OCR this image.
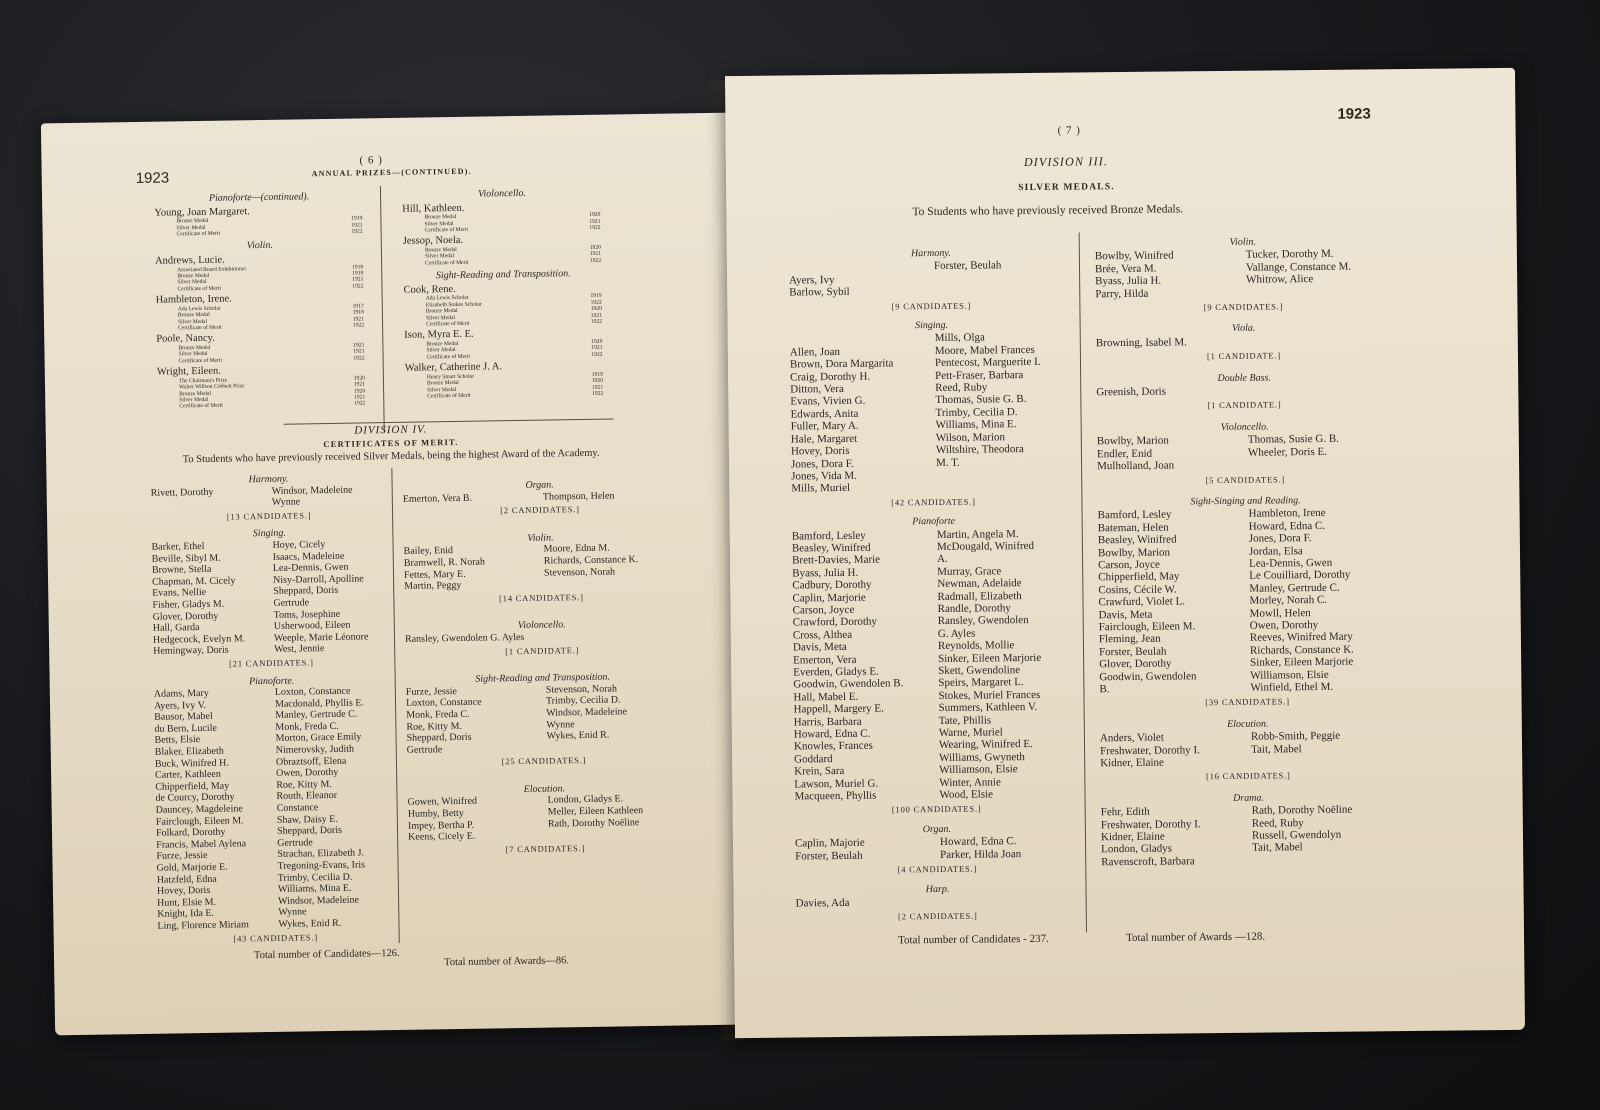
1923
( 6 )
ANNUAL PRIZES—(CONTINUED).
Pianoforte—(continued).
Young, Joan Margaret.
Bronze Medal	1919
Silver Medal	1921
Certificate of Merit	1922
Violin.
Andrews, Lucie.
Associated Board Exhibitioner	1918
Bronze Medal	1919
Silver Medal	1921
Certificate of Merit	1922
Hambleton, Irene.
Ada Lewis Scholar	1917
Bronze Medal	1918
Silver Medal	1921
Certificate of Merit	1922
Poole, Nancy.
Bronze Medal	1921
Silver Medal	1921
Certificate of Merit	1922
Wright, Eileen.
The Chairman's Prize	1920
Walter Willson Cobbett Prize	1921
Bronze Medal	1920
Silver Medal	1921
Certificate of Merit	1922
Violoncello.
Hill, Kathleen.
Bronze Medal	1920
Silver Medal	1921
Certificate of Merit	1922
Jessop, Noela.
Bronze Medal	1920
Silver Medal	1921
Certificate of Merit	1922
Sight-Reading and Transposition.
Cook, Rene.
Ada Lewis Scholar	1919
Elizabeth Stokes Scholar	1922
Bronze Medal	1920
Silver Medal	1921
Certificate of Merit	1922
Ison, Myra E. E.
Bronze Medal	1920
Silver Medal	1921
Certificate of Merit	1922
Walker, Catherine J. A.
Henry Smart Scholar	1919
Bronze Medal	1920
Silver Medal	1921
Certificate of Merit	1922
DIVISION IV.
CERTIFICATES OF MERIT.
To Students who have previously received Silver Medals, being the highest Award of the Academy.
Harmony.
Rivett, Dorothy	Windsor, Madeleine
Wynne
[13 CANDIDATES.]
Singing.
Barker, Ethel	Hoye, Cicely
Beville, Sibyl M.	Isaacs, Madeleine
Browne, Stella	Lea-Dennis, Gwen
Chapman, M. Cicely	Nisy-Darroll, Apolline
Evans, Nellie	Sheppard, Doris
Fisher, Gladys M.	Gertrude
Glover, Dorothy	Toms, Josephine
Hall, Garda	Usherwood, Eileen
Hedgecock, Evelyn M.	Weeple, Marie Léonore
Hemingway, Doris	West, Jennie
[21 CANDIDATES.]
Pianoforte.
Adams, Mary	Loxton, Constance
Ayers, Ivy V.	Macdonald, Phyllis E.
Bausor, Mabel	Manley, Gertrude C.
du Bern, Lucile	Monk, Freda C.
Betts, Elsie	Morton, Grace Emily
Blaker, Elizabeth	Nimerovsky, Judith
Buck, Winifred H.	Obraztsoff, Elena
Carter, Kathleen	Owen, Dorothy
Chipperfield, May	Roe, Kitty M.
de Courcy, Dorothy	Routh, Eleanor
Dauncey, Magdeleine	Constance
Fairclough, Eileen M.	Shaw, Daisy E.
Folkard, Dorothy	Sheppard, Doris
Francis, Mabel Aylena	Gertrude
Furze, Jessie	Strachan, Elizabeth J.
Gold, Marjorie E.	Tregoning-Evans, Iris
Hatzfeld, Edna	Trimby, Cecilia D.
Hovey, Doris	Williams, Mina E.
Hunt, Elsie M.	Windsor, Madeleine
Knight, Ida E.	Wynne
Ling, Florence Miriam	Wykes, Enid R.
[43 CANDIDATES.]
Organ.
Emerton, Vera B.	Thompson, Helen
[2 CANDIDATES.]
Violin.
Bailey, Enid	Moore, Edna M.
Bramwell, R. Norah	Richards, Constance K.
Fettes, Mary E.	Stevenson, Norah
Martin, Peggy
[14 CANDIDATES.]
Violoncello.
Ransley, Gwendolen G. Ayles
[1 CANDIDATE.]
Sight-Reading and Transposition.
Furze, Jessie	Stevenson, Norah
Loxton, Constance	Trimby, Cecilia D.
Monk, Freda C.	Windsor, Madeleine
Roe, Kitty M.	Wynne
Sheppard, Doris	Wykes, Enid R.
Gertrude
[25 CANDIDATES.]
Elocution.
Gowen, Winifred	London, Gladys E.
Humby, Betty	Meller, Eileen Kathleen
Impey, Bertha P.	Rath, Dorothy Noëline
Keens, Cicely E.
[7 CANDIDATES.]
Total number of Candidates—126.
Total number of Awards—86.
( 7 )
1923
DIVISION III.
SILVER MEDALS.
To Students who have previously received Bronze Medals.
Harmony.
Forster, Beulah
Ayers, Ivy
Barlow, Sybil
[9 CANDIDATES.]
Singing.
Mills, Olga
Allen, Joan	Moore, Mabel Frances
Brown, Dora Margarita	Pentecost, Marguerite I.
Craig, Dorothy H.	Pett-Fraser, Barbara
Ditton, Vera	Reed, Ruby
Evans, Vivien G.	Thomas, Susie G. B.
Edwards, Anita	Trimby, Cecilia D.
Fuller, Mary A.	Williams, Mina E.
Hale, Margaret	Wilson, Marion
Hovey, Doris	Wiltshire, Theodora
Jones, Dora F.	M. T.
Jones, Vida M.
Mills, Muriel
[42 CANDIDATES.]
Pianoforte
Bamford, Lesley	Martin, Angela M.
Beasley, Winifred	McDougald, Winifred
Brett-Davies, Marie	A.
Byass, Julia H.	Murray, Grace
Cadbury, Dorothy	Newman, Adelaide
Caplin, Marjorie	Radmall, Elizabeth
Carson, Joyce	Randle, Dorothy
Crawford, Dorothy	Ransley, Gwendolen
Cross, Althea	G. Ayles
Davis, Meta	Reynolds, Mollie
Emerton, Vera	Sinker, Eileen Marjorie
Everden, Gladys E.	Skett, Gwendoline
Goodwin, Gwendolen B.	Speirs, Margaret L.
Hall, Mabel E.	Stokes, Muriel Frances
Happell, Margery E.	Summers, Kathleen V.
Harris, Barbara	Tate, Phillis
Howard, Edna C.	Warne, Muriel
Knowles, Frances	Wearing, Winifred E.
Goddard	Williams, Gwyneth
Krein, Sara	Williamson, Elsie
Lawson, Muriel G.	Winter, Annie
Macqueen, Phyllis	Wood, Elsie
[100 CANDIDATES.]
Organ.
Caplin, Majorie	Howard, Edna C.
Forster, Beulah	Parker, Hilda Joan
[4 CANDIDATES.]
Harp.
Davies, Ada
[2 CANDIDATES.]
Violin.
Bowlby, Winifred	Tucker, Dorothy M.
Brée, Vera M.	Vallange, Constance M.
Byass, Julia H.	Whitrow, Alice
Parry, Hilda
[9 CANDIDATES.]
Viola.
Browning, Isabel M.
[1 CANDIDATE.]
Double Bass.
Greenish, Doris
[1 CANDIDATE.]
Violoncello.
Bowlby, Marion	Thomas, Susie G. B.
Endler, Enid	Wheeler, Doris E.
Mulholland, Joan
[5 CANDIDATES.]
Sight-Singing and Reading.
Bamford, Lesley	Hambleton, Irene
Bateman, Helen	Howard, Edna C.
Beasley, Winifred	Jones, Dora F.
Bowlby, Marion	Jordan, Elsa
Carson, Joyce	Lea-Dennis, Gwen
Chipperfield, May	Le Couilliard, Dorothy
Cosins, Cécile W.	Manley, Gertrude C.
Crawfurd, Violet L.	Morley, Norah C.
Davis, Meta	Mowll, Helen
Fairclough, Eileen M.	Owen, Dorothy
Fleming, Jean	Reeves, Winifred Mary
Forster, Beulah	Richards, Constance K.
Glover, Dorothy	Sinker, Eileen Marjorie
Goodwin, Gwendolen	Williamson, Elsie
B.	Winfield, Ethel M.
[39 CANDIDATES.]
Elocution.
Anders, Violet	Robb-Smith, Peggie
Freshwater, Dorothy I.	Tait, Mabel
Kidner, Elaine
[16 CANDIDATES.]
Drama.
Fehr, Edith	Rath, Dorothy Noëline
Freshwater, Dorothy I.	Reed, Ruby
Kidner, Elaine	Russell, Gwendolyn
London, Gladys	Tait, Mabel
Ravenscroft, Barbara
Total number of Candidates - 237.	Total number of Awards —128.
